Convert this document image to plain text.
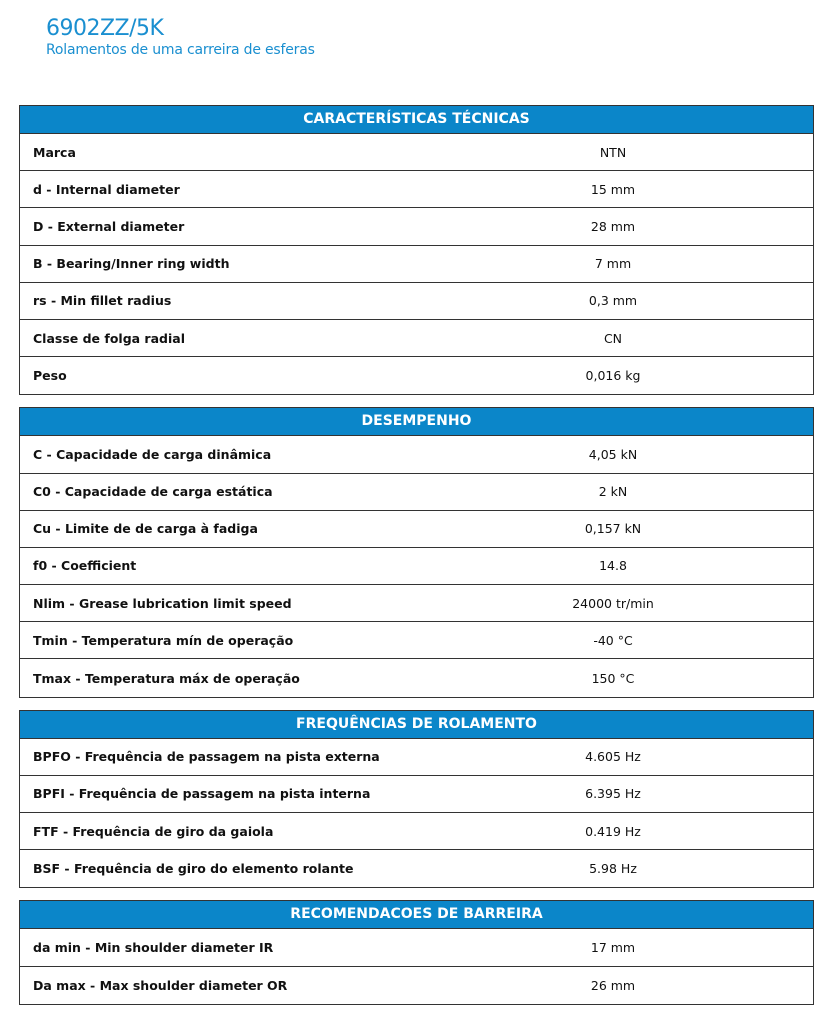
6902ZZ/5K
Rolamentos de uma carreira de esferas
CARACTERÍSTICAS TÉCNICAS
Marca	NTN
d - Internal diameter	15 mm
D - External diameter	28 mm
B - Bearing/Inner ring width	7 mm
rs - Min fillet radius	0,3 mm
Classe de folga radial	CN
Peso	0,016 kg
DESEMPENHO
C - Capacidade de carga dinâmica	4,05 kN
C0 - Capacidade de carga estática	2 kN
Cu - Limite de de carga à fadiga	0,157 kN
f0 - Coefficient	14.8
Nlim - Grease lubrication limit speed	24000 tr/min
Tmin - Temperatura mín de operação	-40 °C
Tmax - Temperatura máx de operação	150 °C
FREQUÊNCIAS DE ROLAMENTO
BPFO - Frequência de passagem na pista externa	4.605 Hz
BPFI - Frequência de passagem na pista interna	6.395 Hz
FTF - Frequência de giro da gaiola	0.419 Hz
BSF - Frequência de giro do elemento rolante	5.98 Hz
RECOMENDACOES DE BARREIRA
da min - Min shoulder diameter IR	17 mm
Da max - Max shoulder diameter OR	26 mm
